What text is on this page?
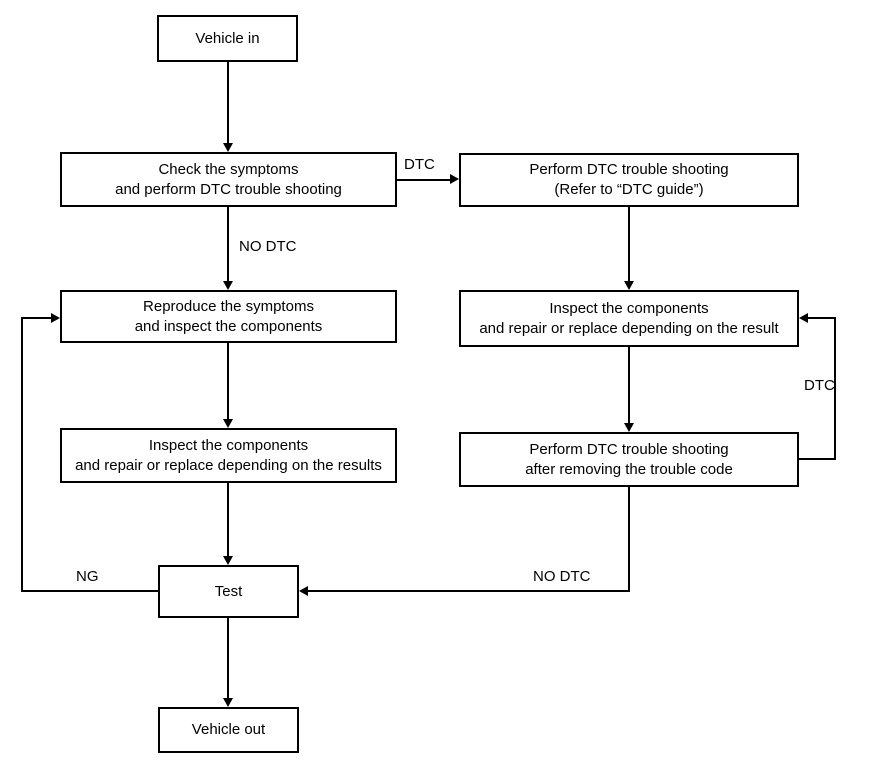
Vehicle in
Check the symptoms
and perform DTC trouble shooting
Perform DTC trouble shooting
(Refer to “DTC guide”)
Reproduce the symptoms
and inspect the components
Inspect the components
and repair or replace depending on the result
Inspect the components
and repair or replace depending on the results
Perform DTC trouble shooting
after removing the trouble code
Test
Vehicle out
DTC
NO DTC
DTC
NO DTC
NG
